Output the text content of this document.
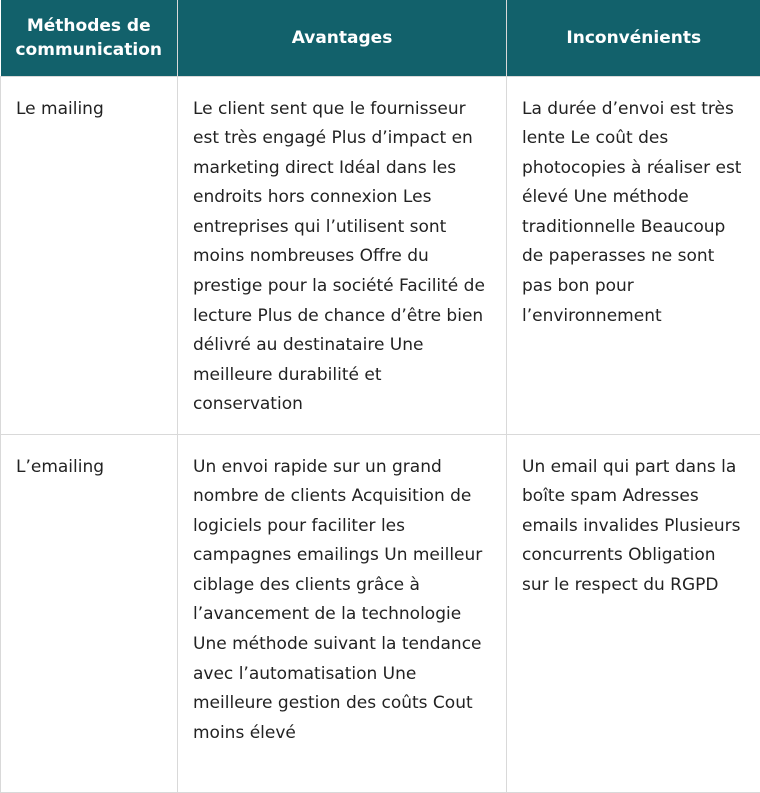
Méthodes de communication	Avantages	Inconvénients
Le mailing	Le client sent que le fournisseur est très engagé Plus d’impact en marketing direct Idéal dans les endroits hors connexion Les entreprises qui l’utilisent sont moins nombreuses Offre du prestige pour la société Facilité de lecture Plus de chance d’être bien délivré au destinataire Une meilleure durabilité et conservation	La durée d’envoi est très lente Le coût des photocopies à réaliser est élevé Une méthode traditionnelle Beaucoup de paperasses ne sont pas bon pour l’environnement
L’emailing	Un envoi rapide sur un grand nombre de clients Acquisition de logiciels pour faciliter les campagnes emailings Un meilleur ciblage des clients grâce à l’avancement de la technologie Une méthode suivant la tendance avec l’automatisation Une meilleure gestion des coûts Cout moins élevé	Un email qui part dans la boîte spam Adresses emails invalides Plusieurs concurrents Obligation sur le respect du RGPD
